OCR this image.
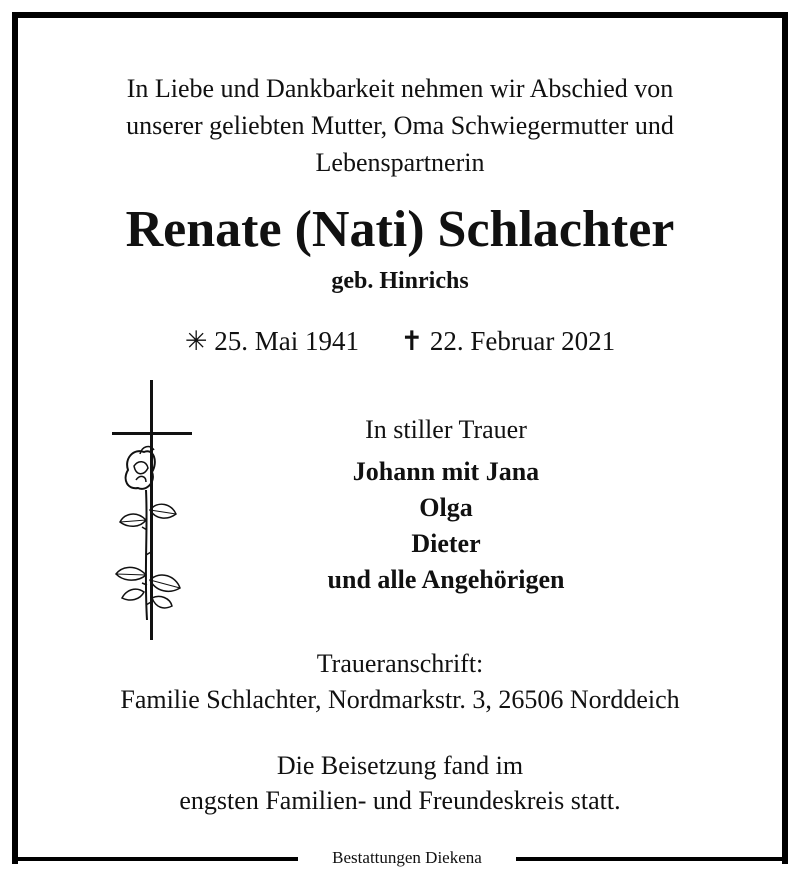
In Liebe und Dankbarkeit nehmen wir Abschied von
unserer geliebten Mutter, Oma Schwiegermutter und
Lebenspartnerin
Renate (Nati) Schlachter
geb. Hinrichs
✳ 25. Mai 1941 ✝ 22. Februar 2021
In stiller Trauer
Johann mit Jana
Olga
Dieter
und alle Angehörigen
Traueranschrift:
Familie Schlachter, Nordmarkstr. 3, 26506 Norddeich
Die Beisetzung fand im
engsten Familien- und Freundeskreis statt.
Bestattungen Diekena
